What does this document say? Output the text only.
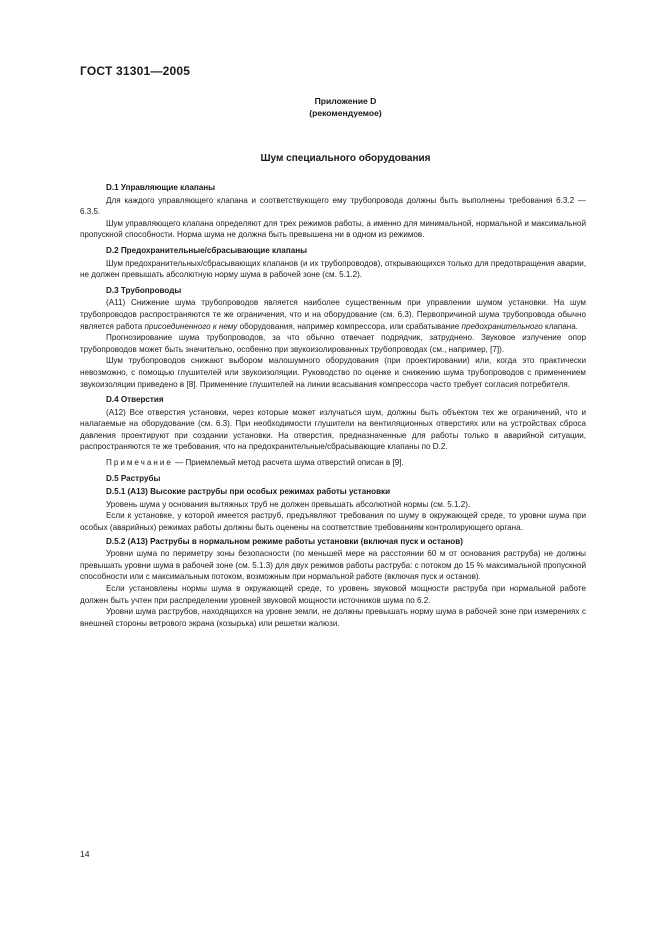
ГОСТ 31301—2005
Приложение D
(рекомендуемое)
Шум специального оборудования

D.1 Управляющие клапаны

Для каждого управляющего клапана и соответствующего ему трубопровода должны быть выполнены требования 6.3.2 — 6.3.5.

Шум управляющего клапана определяют для трех режимов работы, а именно для минимальной, нормальной и максимальной пропускной способности. Норма шума не должна быть превышена ни в одном из режимов.

D.2 Предохранительные/сбрасывающие клапаны

Шум предохранительных/сбрасывающих клапанов (и их трубопроводов), открывающихся только для предотвращения аварии, не должен превышать абсолютную норму шума в рабочей зоне (см. 5.1.2).

D.3 Трубопроводы

(A11) Снижение шума трубопроводов является наиболее существенным при управлении шумом установки. На шум трубопроводов распространяются те же ограничения, что и на оборудование (см. 6.3). Первопричиной шума трубопровода обычно является работа присоединенного к нему оборудования, например компрессора, или срабатывание предохранительного клапана.

Прогнозирование шума трубопроводов, за что обычно отвечает подрядчик, затруднено. Звуковое излучение опор трубопроводов может быть значительно, особенно при звукоизолированных трубопроводах (см., например, [7]).

Шум трубопроводов снижают выбором малошумного оборудования (при проектировании) или, когда это практически невозможно, с помощью глушителей или звукоизоляции. Руководство по оценке и снижению шума трубопроводов с применением звукоизоляции приведено в [8]. Применение глушителей на линии всасывания компрессора часто требует согласия потребителя.

D.4 Отверстия

(A12) Все отверстия установки, через которые может излучаться шум, должны быть объектом тех же ограничений, что и налагаемые на оборудование (см. 6.3). При необходимости глушители на вентиляционных отверстиях или на устройствах сброса давления проектируют при создании установки. На отверстия, предназначенные для работы только в аварийной ситуации, распространяются те же требования, что на предохранительные/сбрасывающие клапаны по D.2.

Примечание — Приемлемый метод расчета шума отверстий описан в [9].

D.5 Раструбы

D.5.1 (A13) Высокие раструбы при особых режимах работы установки

Уровень шума у основания вытяжных труб не должен превышать абсолютной нормы (см. 5.1.2).

Если к установке, у которой имеется раструб, предъявляют требования по шуму в окружающей среде, то уровни шума при особых (аварийных) режимах работы должны быть оценены на соответствие требованиям контролирующего органа.

D.5.2 (A13) Раструбы в нормальном режиме работы установки (включая пуск и останов)

Уровни шума по периметру зоны безопасности (по меньшей мере на расстоянии 60 м от основания раструба) не должны превышать уровни шума в рабочей зоне (см. 5.1.3) для двух режимов работы раструба: с потоком до 15 % максимальной пропускной способности или с максимальным потоком, возможным при нормальной работе (включая пуск и останов).

Если установлены нормы шума в окружающей среде, то уровень звуковой мощности раструба при нормальной работе должен быть учтен при распределении уровней звуковой мощности источников шума по 6.2.

Уровни шума раструбов, находящихся на уровне земли, не должны превышать норму шума в рабочей зоне при измерениях с внешней стороны ветрового экрана (козырька) или решетки жалюзи.

14
